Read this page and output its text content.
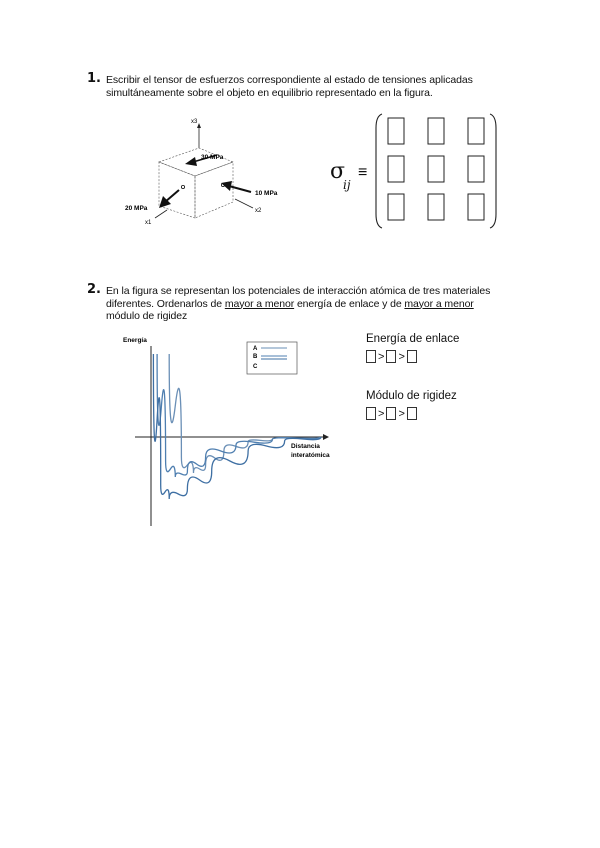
1. Escribir el tensor de esfuerzos correspondiente al estado de tensiones aplicadas
simultáneamente sobre el objeto en equilibrio representado en la figura.
x3
x2
x1
30 MPa
10 MPa
20 MPa
σ
ij
≡
2. En la figura se representan los potenciales de interacción atómica de tres materiales
diferentes. Ordenarlos de mayor a menor energía de enlace y de mayor a menor
módulo de rigidez
Energía
Distancia
interatómica
A
B
C
Energía de enlace
> >
Módulo de rigidez
> >
